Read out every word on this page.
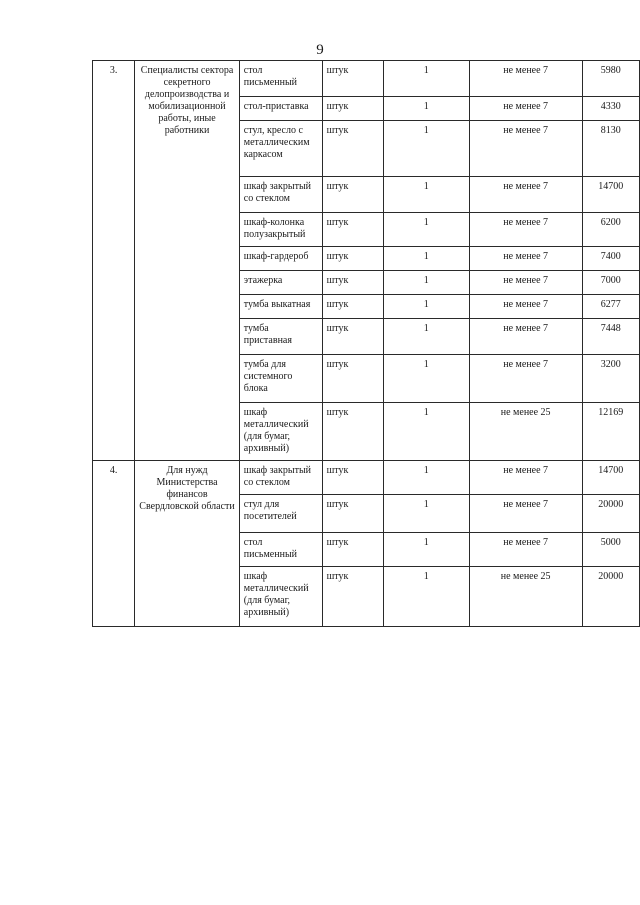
9
3.	Специалисты сектора секретного делопроизводства и мобилизационной работы, иные работники	стол письменный	штук	1	не менее 7	5980
		стол-приставка	штук	1	не менее 7	4330
		стул, кресло с металлическим каркасом	штук	1	не менее 7	8130
		шкаф закрытый со стеклом	штук	1	не менее 7	14700
		шкаф-колонка полузакрытый	штук	1	не менее 7	6200
		шкаф-гардероб	штук	1	не менее 7	7400
		этажерка	штук	1	не менее 7	7000
		тумба выкатная	штук	1	не менее 7	6277
		тумба приставная	штук	1	не менее 7	7448
		тумба для системного блока	штук	1	не менее 7	3200
		шкаф металлический (для бумаг, архивный)	штук	1	не менее 25	12169
4.	Для нужд Министерства финансов Свердловской области	шкаф закрытый со стеклом	штук	1	не менее 7	14700
		стул для посетителей	штук	1	не менее 7	20000
		стол письменный	штук	1	не менее 7	5000
		шкаф металлический (для бумаг, архивный)	штук	1	не менее 25	20000
